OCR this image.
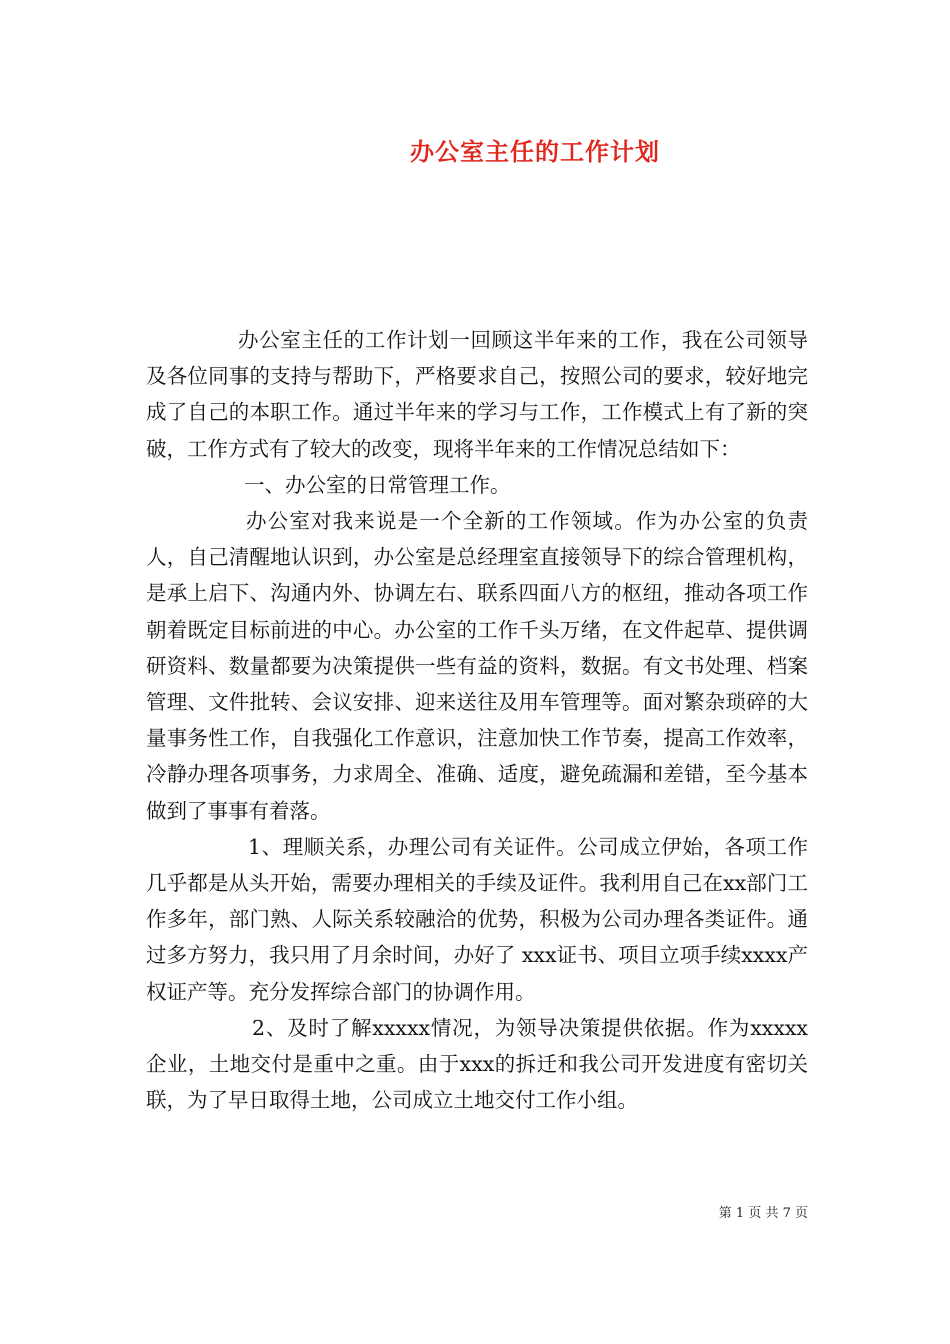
办公室主任的工作计划

办公室主任的工作计划一回顾这半年来的工作，我在公司领导及各位同事的支持与帮助下，严格要求自己，按照公司的要求，较好地完成了自己的本职工作。通过半年来的学习与工作，工作模式上有了新的突破，工作方式有了较大的改变，现将半年来的工作情况总结如下：

一、办公室的日常管理工作。

办公室对我来说是一个全新的工作领域。作为办公室的负责人，自己清醒地认识到，办公室是总经理室直接领导下的综合管理机构，是承上启下、沟通内外、协调左右、联系四面八方的枢纽，推动各项工作朝着既定目标前进的中心。办公室的工作千头万绪，在文件起草、提供调研资料、数量都要为决策提供一些有益的资料，数据。有文书处理、档案管理、文件批转、会议安排、迎来送往及用车管理等。面对繁杂琐碎的大量事务性工作，自我强化工作意识，注意加快工作节奏，提高工作效率，冷静办理各项事务，力求周全、准确、适度，避免疏漏和差错，至今基本做到了事事有着落。

1、理顺关系，办理公司有关证件。公司成立伊始，各项工作几乎都是从头开始，需要办理相关的手续及证件。我利用自己在xx部门工作多年，部门熟、人际关系较融洽的优势，积极为公司办理各类证件。通过多方努力，我只用了月余时间，办好了 xxx证书、项目立项手续xxxx产权证产等。充分发挥综合部门的协调作用。

2、及时了解xxxxx情况，为领导决策提供依据。作为xxxxx企业，土地交付是重中之重。由于xxx的拆迁和我公司开发进度有密切关联，为了早日取得土地，公司成立土地交付工作小组。

第 1 页 共 7 页
